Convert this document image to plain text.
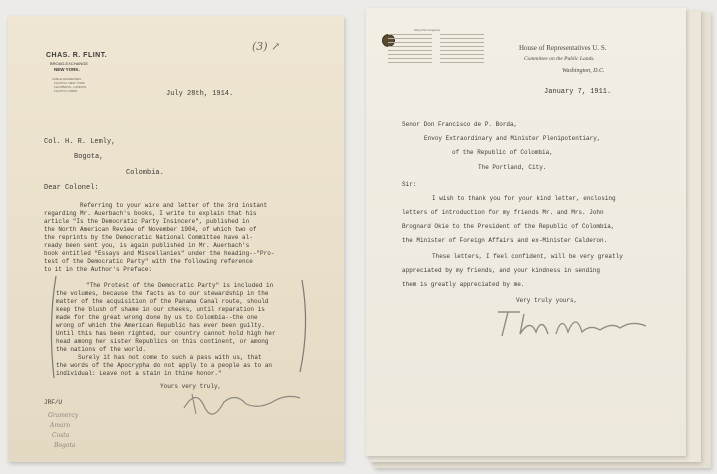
CHAS. R. FLINT.
BROAD-EXCHANGE
NEW YORK.
CABLE ADDRESSES
FLINTCO, NEW YORK
FLINTBROS., LONDON
FLINTCO, PARIS
(3) ↗
July 28th, 1914.
Col. H. R. Lemly,
Bogota,
Colombia.
Dear Colonel:
Referring to your wire and letter of the 3rd instant
regarding Mr. Auerbach's books, I write to explain that his
article "Is the Democratic Party Insincere", published in
the North American Review of November 1904, of which two of
the reprints by the Democratic National Committee have al-
ready been sent you, is again published in Mr. Auerbach's
book entitled "Essays and Miscellanies" under the heading--"Pro-
test of the Democratic Party" with the following reference
to it in the Author's Preface:
"The Protest of the Democratic Party" is included in
the volumes, because the facts as to our stewardship in the
matter of the acquisition of the Panama Canal route, should
keep the blush of shame in our cheeks, until reparation is
made for the great wrong done by us to Colombia--the one
wrong of which the American Republic has ever been guilty.
Until this has been righted, our country cannot hold high her
head among her sister Republics on this continent, or among
the nations of the world.
Surely it has not come to such a pass with us, that
the words of the Apocrypha do not apply to a people as to an
individual: Leave not a stain in thine honor."
Yours very truly,
JRF/U
Gramercy
Amaro
Costa
Bogota
Sixty-first Congress.
House of Representatives U. S.
Committee on the Public Lands.
Washington, D.C.
January 7, 1911.
Senor Don Francisco de P. Borda,
Envoy Extraordinary and Minister Plenipotentiary,
of the Republic of Colombia,
The Portland, City.
Sir:
I wish to thank you for your kind letter, enclosing
letters of introduction for my friends Mr. and Mrs. John
Brognard Okie to the President of the Republic of Colombia,
the Minister of Foreign Affairs and ex-Minister Calderon.
These letters, I feel confident, will be very greatly
appreciated by my friends, and your kindness in sending
them is greatly appreciated by me.
Very truly yours,
